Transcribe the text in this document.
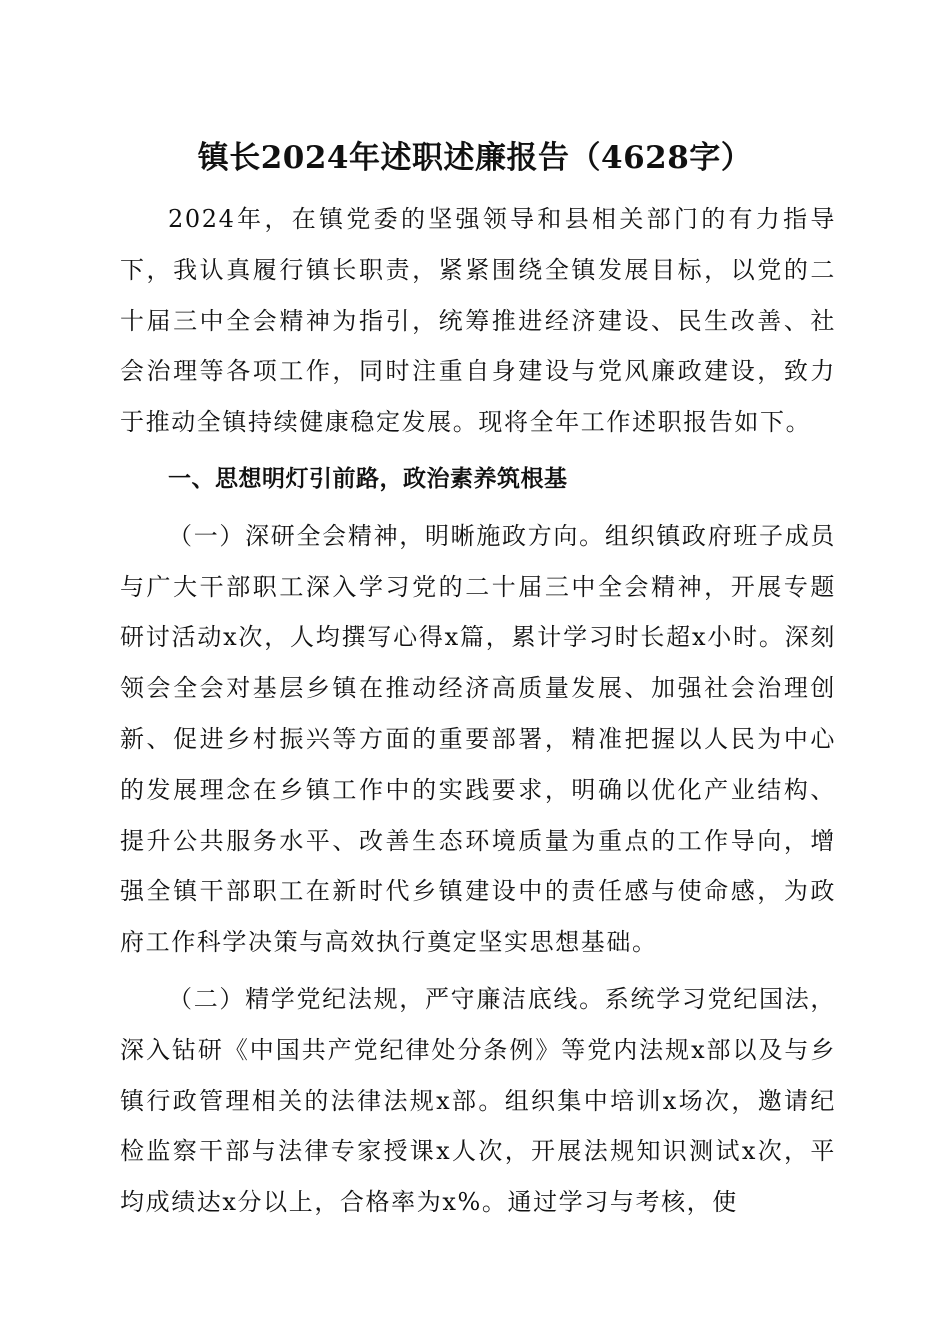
镇长2024年述职述廉报告（4628字）

2024年，在镇党委的坚强领导和县相关部门的有力指导下，我认真履行镇长职责，紧紧围绕全镇发展目标，以党的二十届三中全会精神为指引，统筹推进经济建设、民生改善、社会治理等各项工作，同时注重自身建设与党风廉政建设，致力于推动全镇持续健康稳定发展。现将全年工作述职报告如下。

一、思想明灯引前路，政治素养筑根基

（一）深研全会精神，明晰施政方向。组织镇政府班子成员与广大干部职工深入学习党的二十届三中全会精神，开展专题研讨活动x次，人均撰写心得x篇，累计学习时长超x小时。深刻领会全会对基层乡镇在推动经济高质量发展、加强社会治理创新、促进乡村振兴等方面的重要部署，精准把握以人民为中心的发展理念在乡镇工作中的实践要求，明确以优化产业结构、提升公共服务水平、改善生态环境质量为重点的工作导向，增强全镇干部职工在新时代乡镇建设中的责任感与使命感，为政府工作科学决策与高效执行奠定坚实思想基础。

（二）精学党纪法规，严守廉洁底线。系统学习党纪国法，深入钻研《中国共产党纪律处分条例》等党内法规x部以及与乡镇行政管理相关的法律法规x部。组织集中培训x场次，邀请纪检监察干部与法律专家授课x人次，开展法规知识测试x次，平均成绩达x分以上，合格率为x%。通过学习与考核，使
